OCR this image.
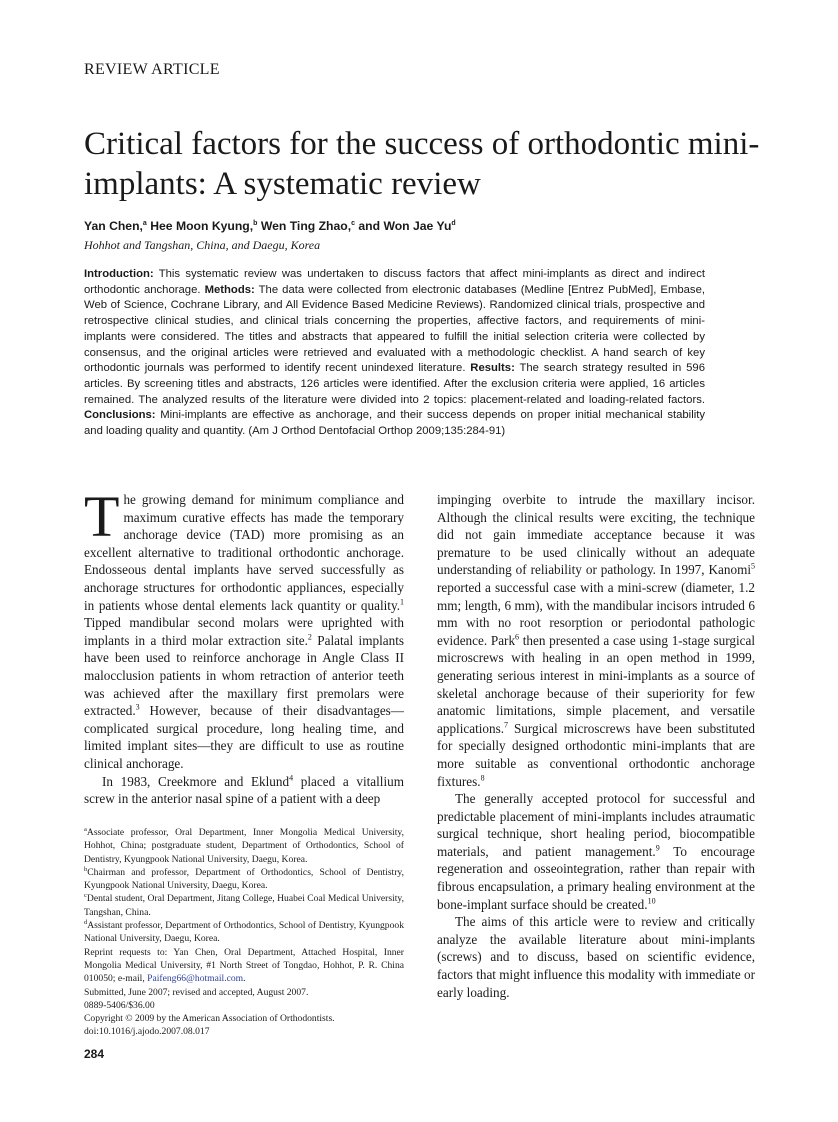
REVIEW ARTICLE
Critical factors for the success of orthodontic mini-implants: A systematic review

Yan Chen,$^a$ Hee Moon Kyung,$^b$ Wen Ting Zhao,$^c$ and Won Jae Yu$^d$

Hohhot and Tangshan, China, and Daegu, Korea

Introduction: This systematic review was undertaken to discuss factors that affect mini-implants as direct and indirect orthodontic anchorage. Methods: The data were collected from electronic databases (Medline [Entrez PubMed], Embase, Web of Science, Cochrane Library, and All Evidence Based Medicine Reviews). Randomized clinical trials, prospective and retrospective clinical studies, and clinical trials concerning the properties, affective factors, and requirements of mini-implants were considered. The titles and abstracts that appeared to fulfill the initial selection criteria were collected by consensus, and the original articles were retrieved and evaluated with a methodologic checklist. A hand search of key orthodontic journals was performed to identify recent unindexed literature. Results: The search strategy resulted in 596 articles. By screening titles and abstracts, 126 articles were identified. After the exclusion criteria were applied, 16 articles remained. The analyzed results of the literature were divided into 2 topics: placement-related and loading-related factors. Conclusions: Mini-implants are effective as anchorage, and their success depends on proper initial mechanical stability and loading quality and quantity. (Am J Orthod Dentofacial Orthop 2009;135:284-91)

The growing demand for minimum compliance and maximum curative effects has made the temporary anchorage device (TAD) more promising as an excellent alternative to traditional orthodontic anchorage. Endosseous dental implants have served successfully as anchorage structures for orthodontic appliances, especially in patients whose dental elements lack quantity or quality.$^1$ Tipped mandibular second molars were uprighted with implants in a third molar extraction site.$^2$ Palatal implants have been used to reinforce anchorage in Angle Class II malocclusion patients in whom retraction of anterior teeth was achieved after the maxillary first premolars were extracted.$^3$ However, because of their disadvantages—complicated surgical procedure, long healing time, and limited implant sites—they are difficult to use as routine clinical anchorage.

In 1983, Creekmore and Eklund$^4$ placed a vitallium screw in the anterior nasal spine of a patient with a deep

$^a$Associate professor, Oral Department, Inner Mongolia Medical University, Hohhot, China; postgraduate student, Department of Orthodontics, School of Dentistry, Kyungpook National University, Daegu, Korea.

$^b$Chairman and professor, Department of Orthodontics, School of Dentistry, Kyungpook National University, Daegu, Korea.

$^c$Dental student, Oral Department, Jitang College, Huabei Coal Medical University, Tangshan, China.

$^d$Assistant professor, Department of Orthodontics, School of Dentistry, Kyungpook National University, Daegu, Korea.

Reprint requests to: Yan Chen, Oral Department, Attached Hospital, Inner Mongolia Medical University, #1 North Street of Tongdao, Hohhot, P. R. China 010050; e-mail, Paifeng66@hotmail.com.

Submitted, June 2007; revised and accepted, August 2007.

0889-5406/$36.00

Copyright © 2009 by the American Association of Orthodontists.

doi:10.1016/j.ajodo.2007.08.017

impinging overbite to intrude the maxillary incisor. Although the clinical results were exciting, the technique did not gain immediate acceptance because it was premature to be used clinically without an adequate understanding of reliability or pathology. In 1997, Kanomi$^5$ reported a successful case with a mini-screw (diameter, 1.2 mm; length, 6 mm), with the mandibular incisors intruded 6 mm with no root resorption or periodontal pathologic evidence. Park$^6$ then presented a case using 1-stage surgical microscrews with healing in an open method in 1999, generating serious interest in mini-implants as a source of skeletal anchorage because of their superiority for few anatomic limitations, simple placement, and versatile applications.$^7$ Surgical microscrews have been substituted for specially designed orthodontic mini-implants that are more suitable as conventional orthodontic anchorage fixtures.$^8$

The generally accepted protocol for successful and predictable placement of mini-implants includes atraumatic surgical technique, short healing period, biocompatible materials, and patient management.$^9$ To encourage regeneration and osseointegration, rather than repair with fibrous encapsulation, a primary healing environment at the bone-implant surface should be created.$^{10}$

The aims of this article were to review and critically analyze the available literature about mini-implants (screws) and to discuss, based on scientific evidence, factors that might influence this modality with immediate or early loading.

284
